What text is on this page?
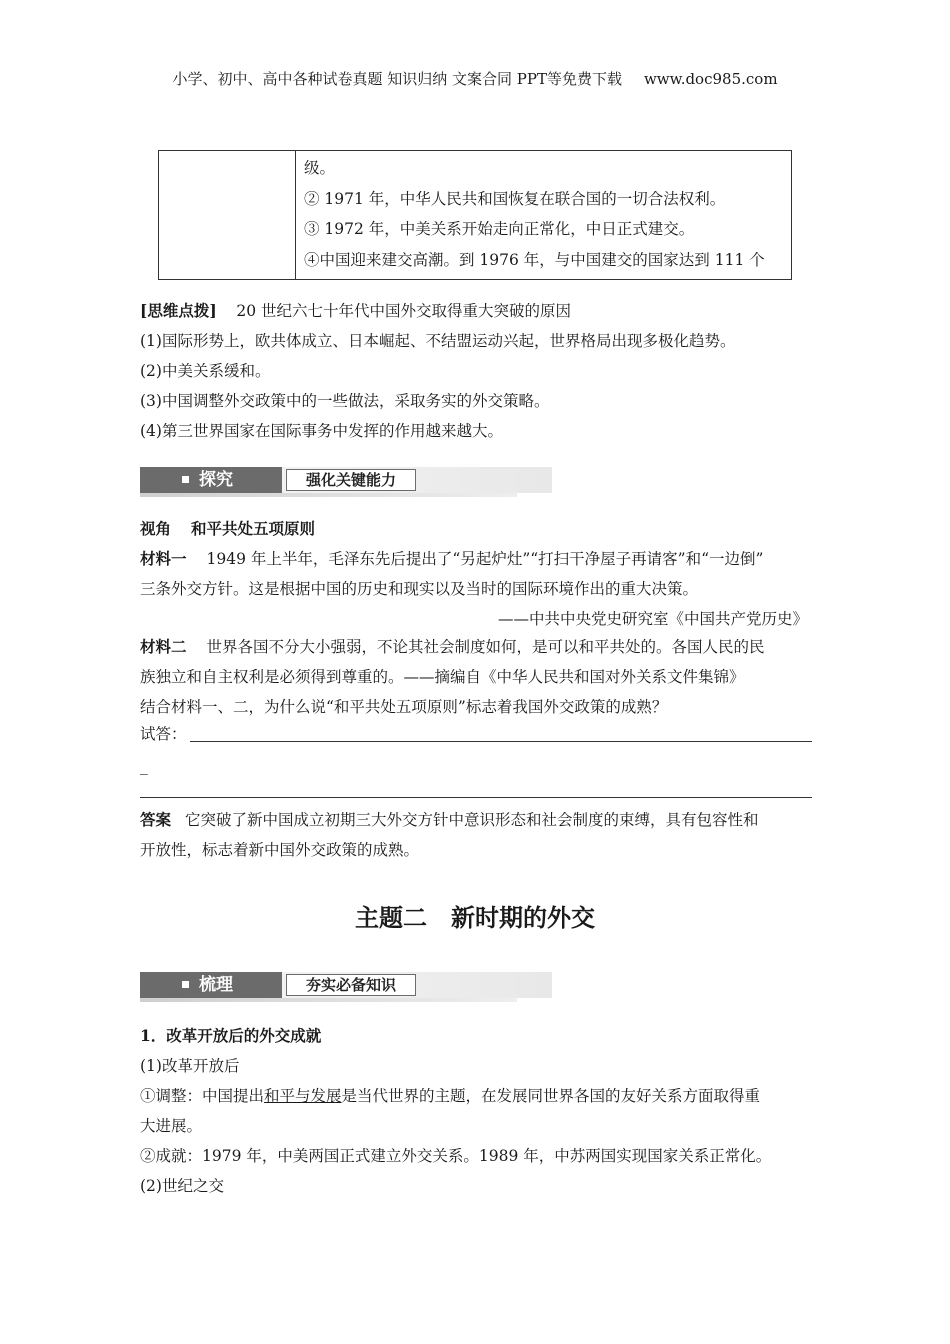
小学、初中、高中各种试卷真题 知识归纳 文案合同 PPT等免费下载 www.doc985.com

级。
② 1971 年，中华人民共和国恢复在联合国的一切合法权利。
③ 1972 年，中美关系开始走向正常化，中日正式建交。
④中国迎来建交高潮。到 1976 年，与中国建交的国家达到 111 个
[思维点拨] 20 世纪六七十年代中国外交取得重大突破的原因
(1)国际形势上，欧共体成立、日本崛起、不结盟运动兴起，世界格局出现多极化趋势。
(2)中美关系缓和。
(3)中国调整外交政策中的一些做法，采取务实的外交策略。
(4)第三世界国家在国际事务中发挥的作用越来越大。
探究	强化关键能力
视角 和平共处五项原则
材料一 1949 年上半年，毛泽东先后提出了“另起炉灶”“打扫干净屋子再请客”和“一边倒”
三条外交方针。这是根据中国的历史和现实以及当时的国际环境作出的重大决策。
——中共中央党史研究室《中国共产党历史》
材料二 世界各国不分大小强弱，不论其社会制度如何，是可以和平共处的。各国人民的民
族独立和自主权利是必须得到尊重的。——摘编自《中华人民共和国对外关系文件集锦》
结合材料一、二，为什么说“和平共处五项原则”标志着我国外交政策的成熟？
试答：
_
答案 它突破了新中国成立初期三大外交方针中意识形态和社会制度的束缚，具有包容性和
开放性，标志着新中国外交政策的成熟。
主题二 新时期的外交
梳理	夯实必备知识
1．改革开放后的外交成就
(1)改革开放后
①调整：中国提出和平与发展是当代世界的主题，在发展同世界各国的友好关系方面取得重
大进展。
②成就：1979 年，中美两国正式建立外交关系。1989 年，中苏两国实现国家关系正常化。
(2)世纪之交
